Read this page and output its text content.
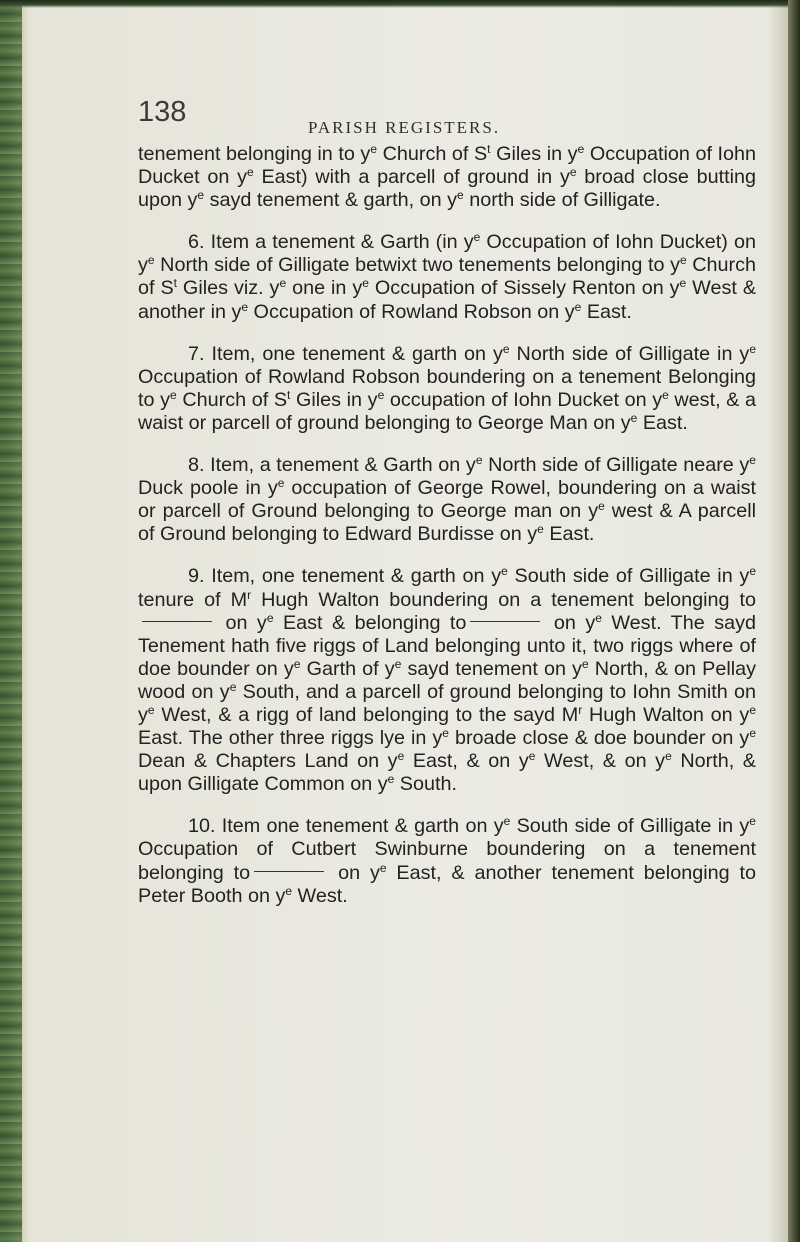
138	PARISH REGISTERS.

tenement belonging in to $y^e$ Church of $S^t$ Giles in $y^e$ Occupation of Iohn Ducket on $y^e$ East) with a parcell of ground in $y^e$ broad close butting upon $y^e$ sayd tenement & garth, on $y^e$ north side of Gilligate.

6. Item a tenement & Garth (in $y^e$ Occupation of Iohn Ducket) on $y^e$ North side of Gilligate betwixt two tenements belonging to $y^e$ Church of $S^t$ Giles viz. $y^e$ one in $y^e$ Occupation of Sissely Renton on $y^e$ West & another in $y^e$ Occupation of Rowland Robson on $y^e$ East.

7. Item, one tenement & garth on $y^e$ North side of Gilligate in $y^e$ Occupation of Rowland Robson boundering on a tenement Belonging to $y^e$ Church of $S^t$ Giles in $y^e$ occupation of Iohn Ducket on $y^e$ west, & a waist or parcell of ground belonging to George Man on $y^e$ East.

8. Item, a tenement & Garth on $y^e$ North side of Gilligate neare $y^e$ Duck poole in $y^e$ occupation of George Rowel, boundering on a waist or parcell of Ground belonging to George man on $y^e$ west & A parcell of Ground belonging to Edward Burdisse on $y^e$ East.

9. Item, one tenement & garth on $y^e$ South side of Gilligate in $y^e$ tenure of $M^r$ Hugh Walton boundering on a tenement belonging to on $y^e$ East & belonging to	on $y^e$ West. The sayd Tenement hath five riggs of Land belonging unto it, two riggs where of doe bounder on $y^e$ Garth of $y^e$ sayd tenement on $y^e$ North, & on Pellay wood on $y^e$ South, and a parcell of ground belonging to Iohn Smith on $y^e$ West, & a rigg of land belonging to the sayd $M^r$ Hugh Walton on $y^e$ East. The other three riggs lye in $y^e$ broade close & doe bounder on $y^e$ Dean & Chapters Land on $y^e$ East, & on $y^e$ West, & on $y^e$ North, & upon Gilligate Common on $y^e$ South.

10. Item one tenement & garth on $y^e$ South side of Gilligate in $y^e$ Occupation of Cutbert Swinburne boundering on a tenement belonging to	on $y^e$ East, & another tenement belonging to Peter Booth on $y^e$ West.
